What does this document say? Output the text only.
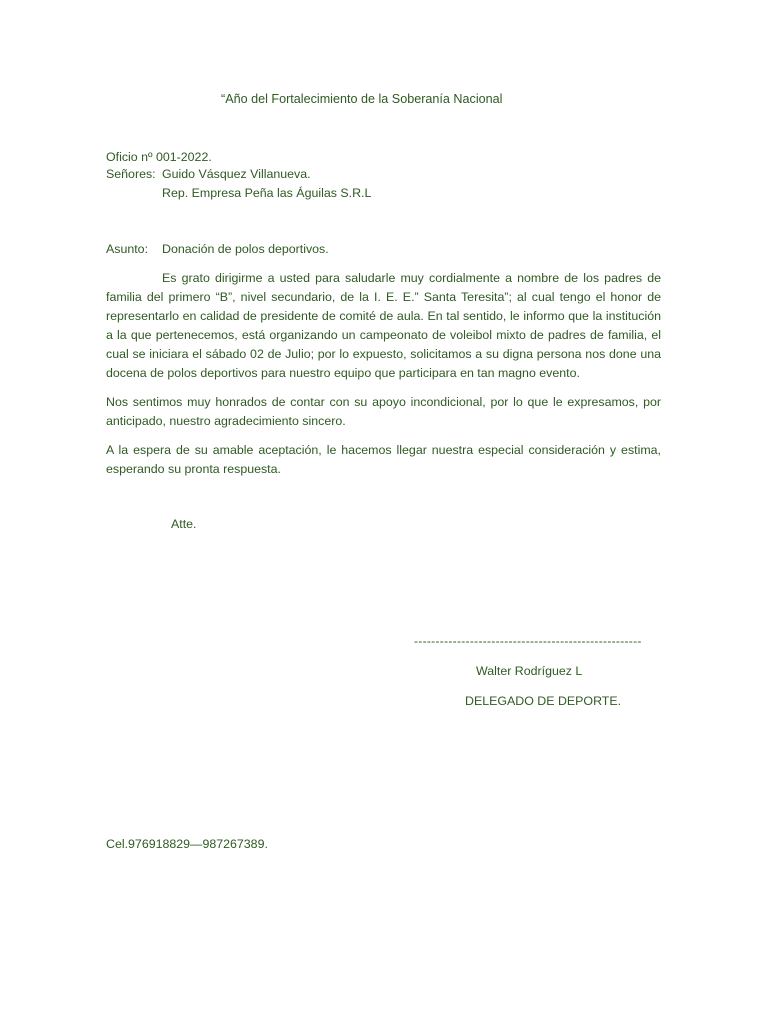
“Año del Fortalecimiento de la Soberanía Nacional
Oficio nº 001-2022.
Señores: Guido Vásquez Villanueva.
Rep. Empresa Peña las Águilas S.R.L
Asunto: Donación de polos deportivos.

Es grato dirigirme a usted para saludarle muy cordialmente a nombre de los padres de familia del primero “B”, nivel secundario, de la I. E. E.” Santa Teresita”; al cual tengo el honor de representarlo en calidad de presidente de comité de aula. En tal sentido, le informo que la institución a la que pertenecemos, está organizando un campeonato de voleibol mixto de padres de familia, el cual se iniciara el sábado 02 de Julio; por lo expuesto, solicitamos a su digna persona nos done una docena de polos deportivos para nuestro equipo que participara en tan magno evento.

Nos sentimos muy honrados de contar con su apoyo incondicional, por lo que le expresamos, por anticipado, nuestro agradecimiento sincero.

A la espera de su amable aceptación, le hacemos llegar nuestra especial consideración y estima, esperando su pronta respuesta.

Atte.
-----------------------------------------------------
Walter Rodríguez L
DELEGADO DE DEPORTE.
Cel.976918829—987267389.
